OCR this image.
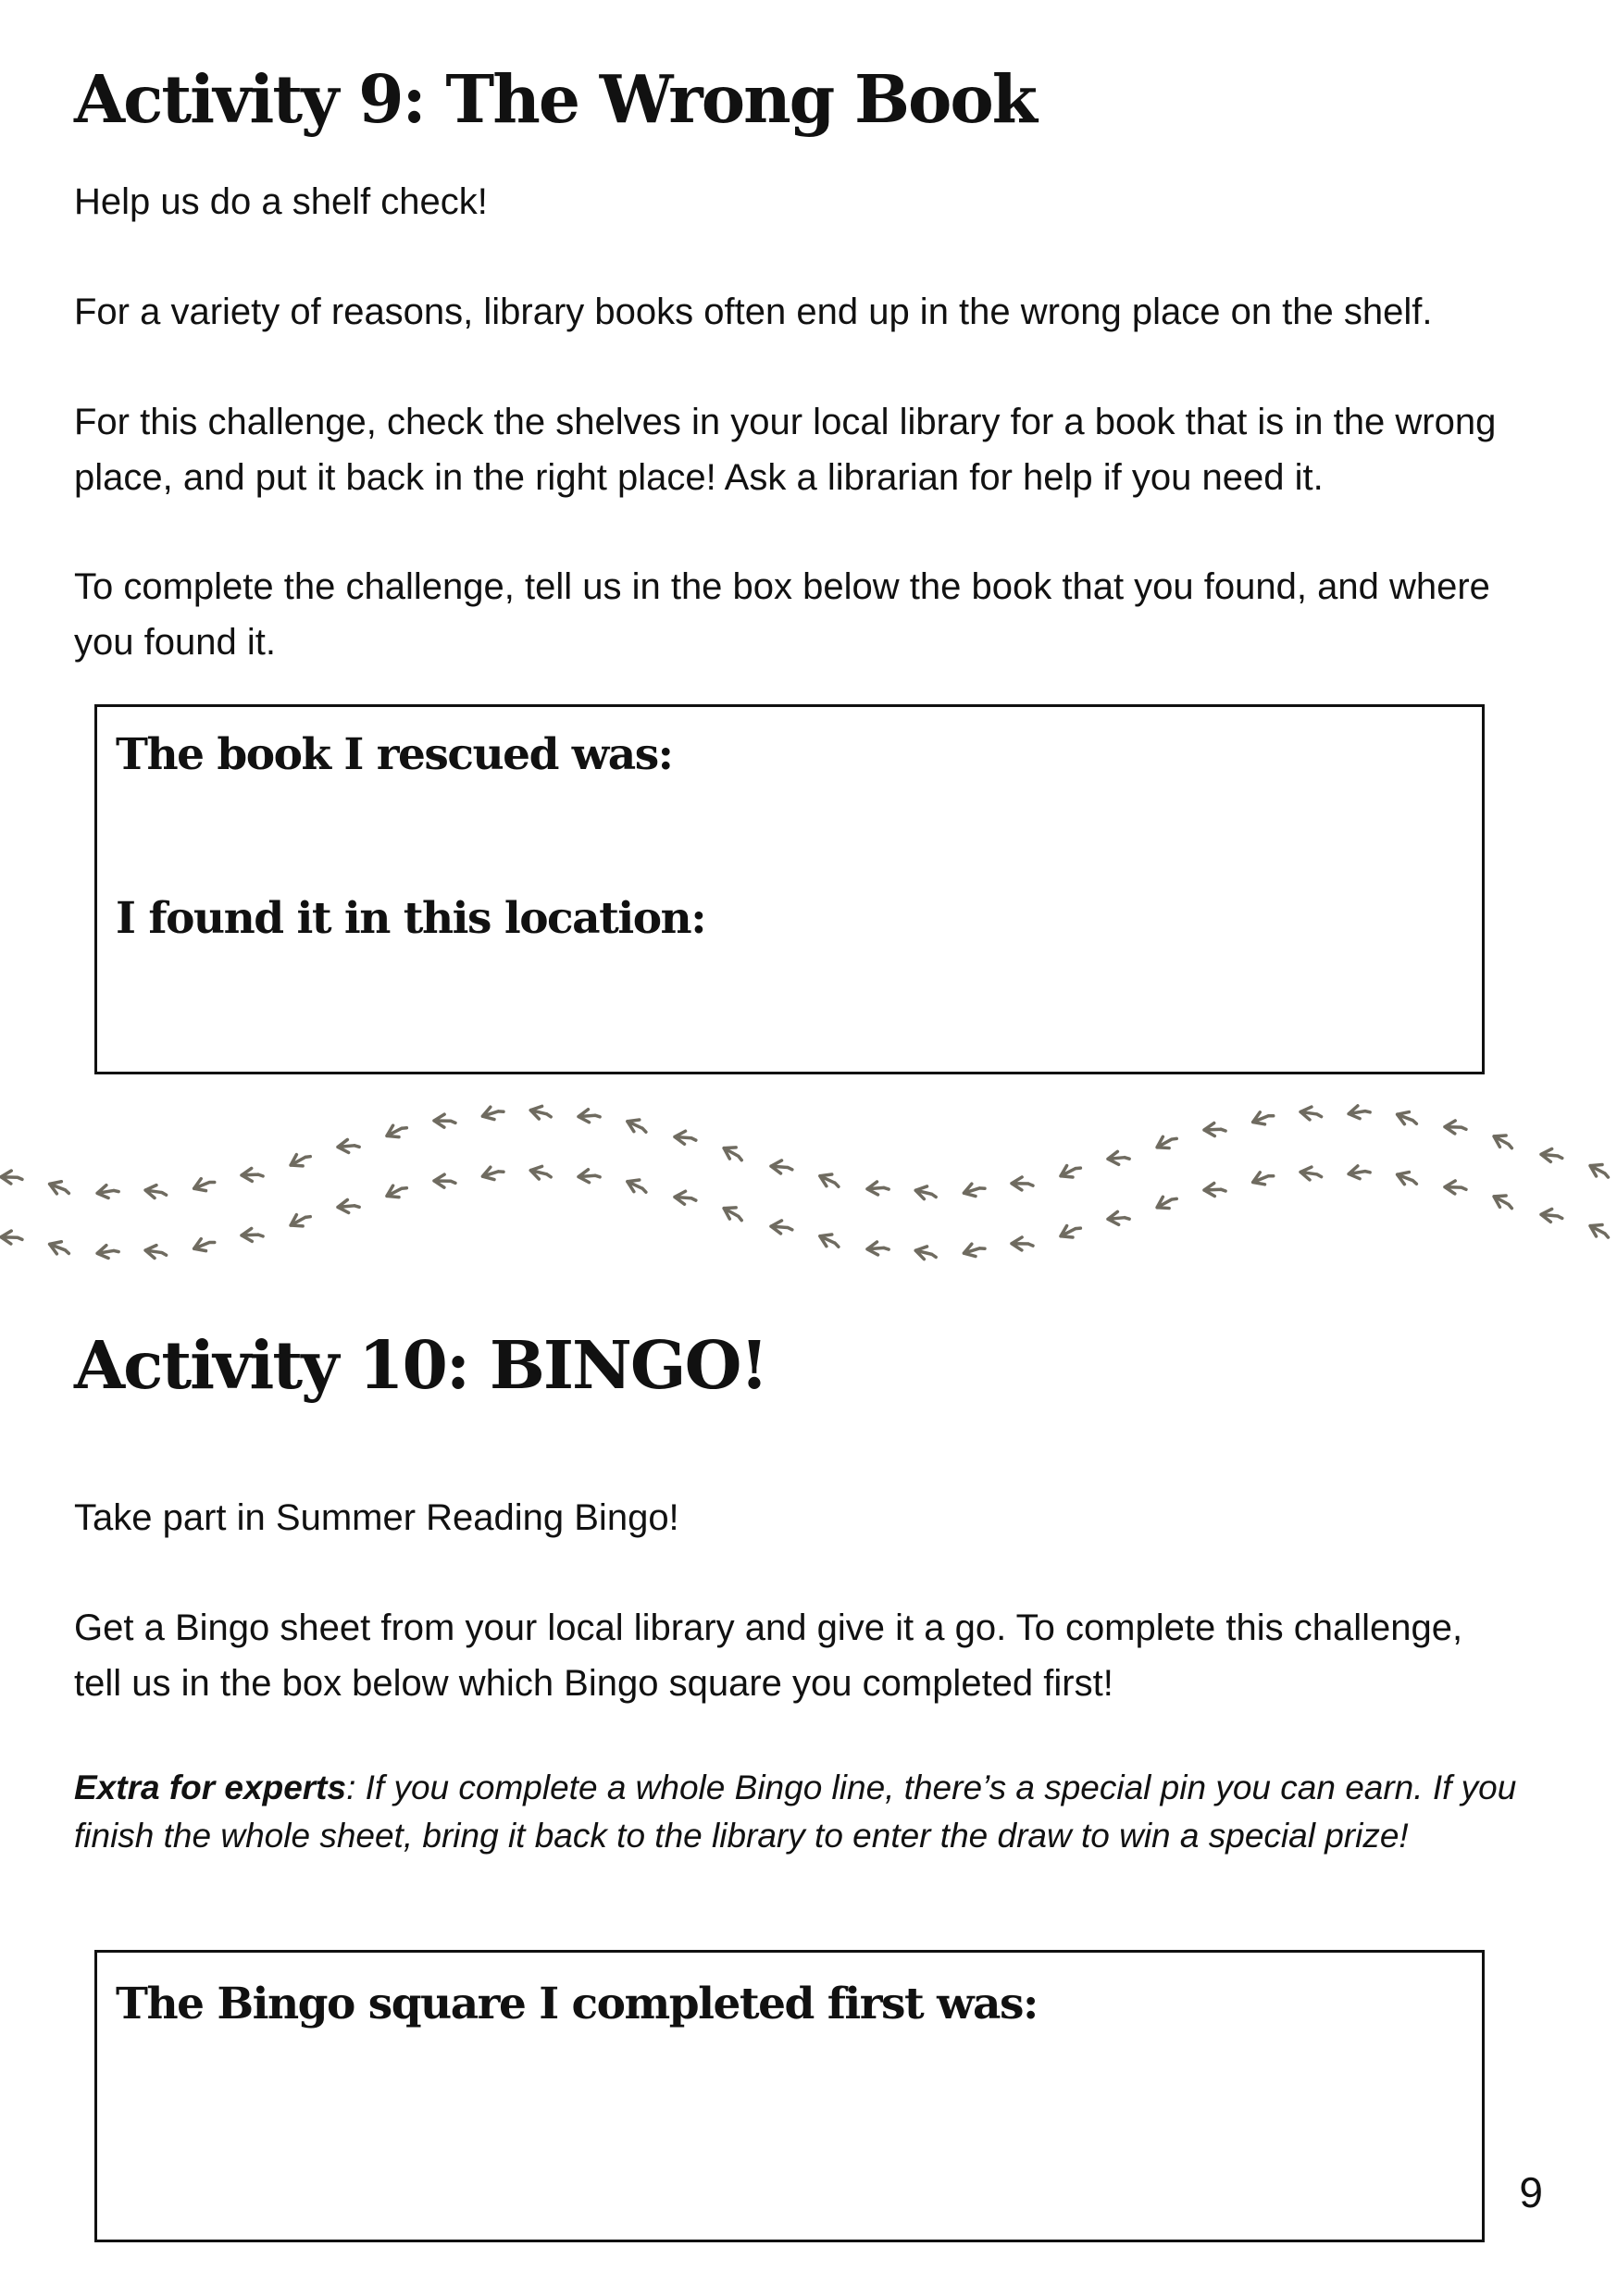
Activity 9: The Wrong Book

Help us do a shelf check!

For a variety of reasons, library books often end up in the wrong place on the shelf.

For this challenge, check the shelves in your local library for a book that is in the wrong place, and put it back in the right place! Ask a librarian for help if you need it.

To complete the challenge, tell us in the box below the book that you found, and where you found it.

The book I rescued was:

I found it in this location:

Activity 10: BINGO!

Take part in Summer Reading Bingo!

Get a Bingo sheet from your local library and give it a go. To complete this challenge, tell us in the box below which Bingo square you completed first!

Extra for experts: If you complete a whole Bingo line, there’s a special pin you can earn. If you finish the whole sheet, bring it back to the library to enter the draw to win a special prize!

The Bingo square I completed first was:

9
